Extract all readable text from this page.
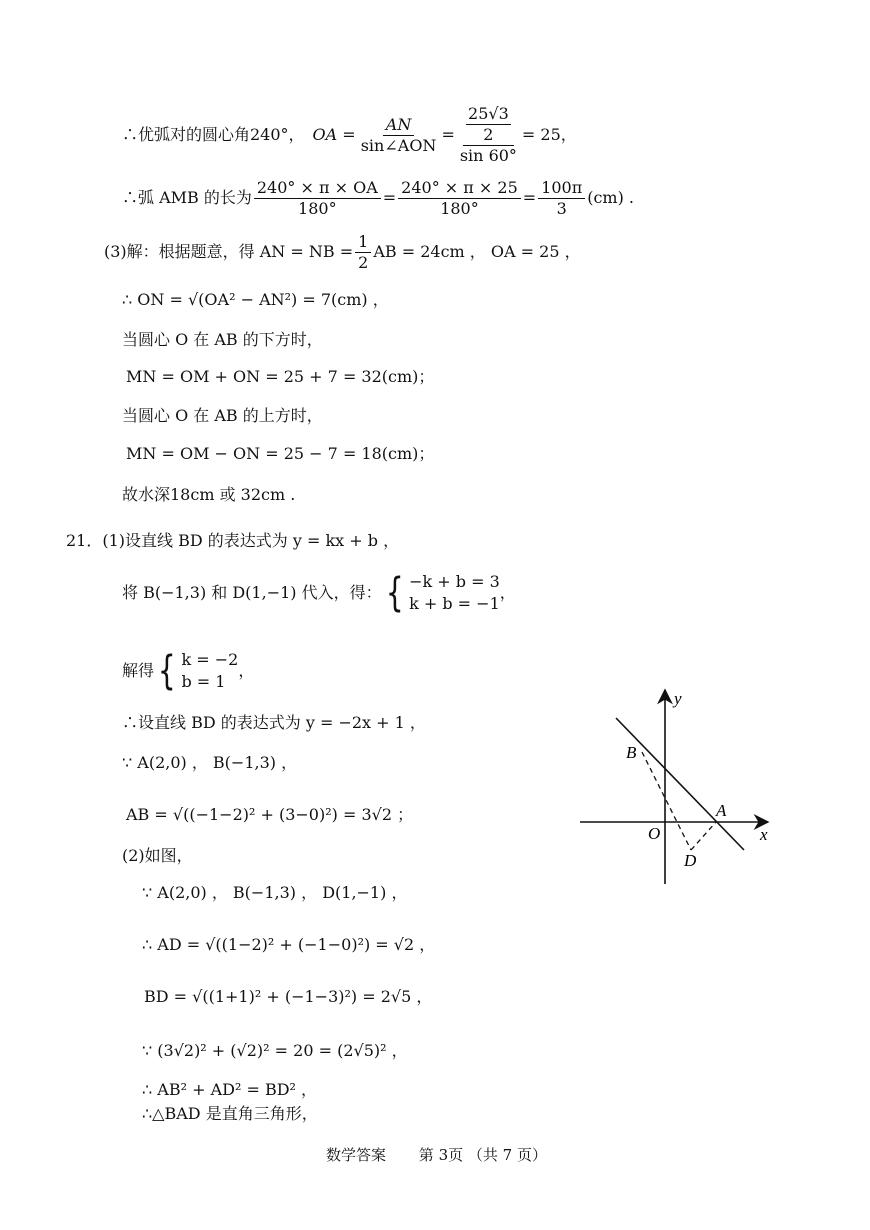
∴优弧对的圆心角240°， OA = $\frac{AN}{\text{sin∠AON}} = \frac{\frac{25√3}{2}}{\sin 60^\circ} = 25$，
∴弧 AMB 的长为 $\frac{240^\circ \times \pi \times OA}{180^\circ} = \frac{240^\circ \times \pi \times 25}{180^\circ} = \frac{100\pi}{3} (cm)$ .
(3)解：根据题意，得 AN = NB = $\frac{1}{2}$ AB = 24cm ， OA = 25 ，
∴ ON = √(OA² − AN²) = 7(cm) ，
当圆心 O 在 AB 的下方时，
MN = OM + ON = 25 + 7 = 32(cm)；
当圆心 O 在 AB 的上方时，
MN = OM − ON = 25 − 7 = 18(cm)；
故水深18cm 或 32cm .
21．(1)设直线 BD 的表达式为 y = kx + b ，
将 B(−1,3) 和 D(1,−1) 代入，得： { −k + b = 3
k + b = −1
，
解得 { k = −2
b = 1
，
∴设直线 BD 的表达式为 y = −2x + 1 ，
∵ A(2,0) ， B(−1,3) ，
AB = √((−1−2)² + (3−0)²) = 3√2 ；
(2)如图，
∵ A(2,0) ， B(−1,3) ， D(1,−1) ，
∴ AD = √((1−2)² + (−1−0)²) = √2 ，
BD = √((1+1)² + (−1−3)²) = 2√5 ，
∵ (3√2)² + (√2)² = 20 = (2√5)² ，
∴ AB² + AD² = BD² ，
∴△BAD 是直角三角形，
y
x
O
A
B
D
数学答案 第 3页 （共 7 页）
